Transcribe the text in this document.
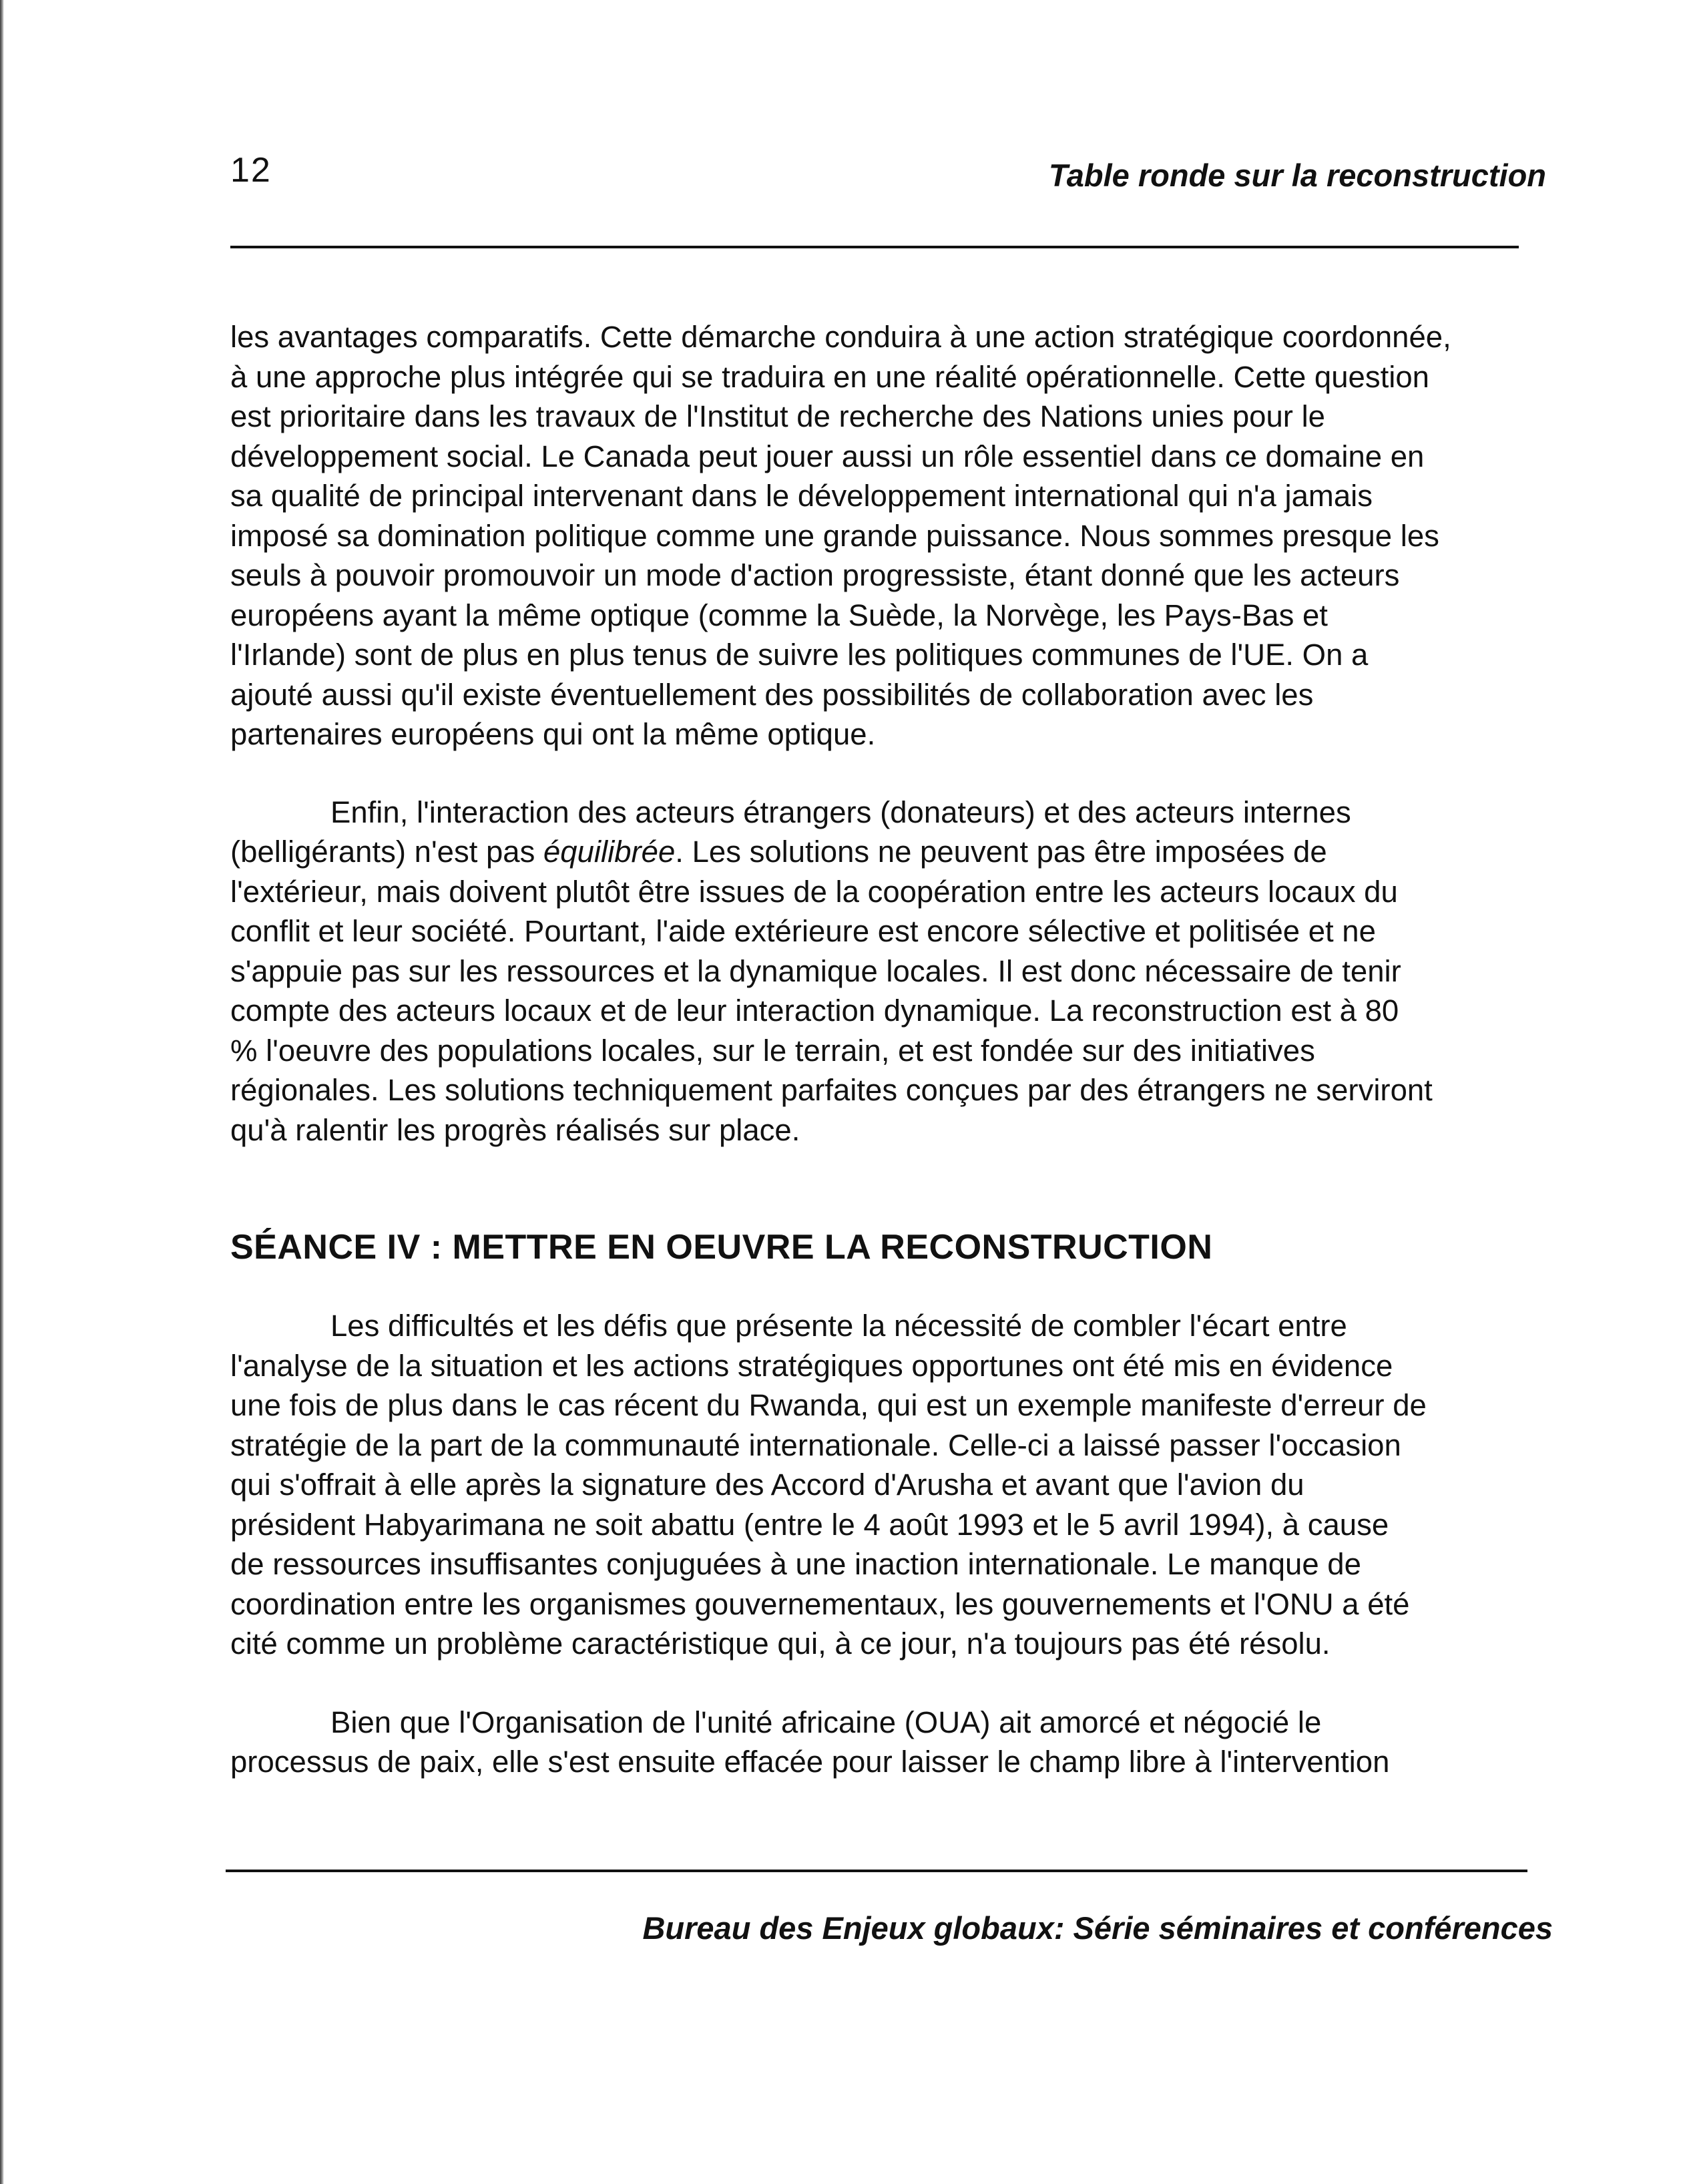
12	Table ronde sur la reconstruction

les avantages comparatifs. Cette démarche conduira à une action stratégique coordonnée,
à une approche plus intégrée qui se traduira en une réalité opérationnelle. Cette question
est prioritaire dans les travaux de l'Institut de recherche des Nations unies pour le
développement social. Le Canada peut jouer aussi un rôle essentiel dans ce domaine en
sa qualité de principal intervenant dans le développement international qui n'a jamais
imposé sa domination politique comme une grande puissance. Nous sommes presque les
seuls à pouvoir promouvoir un mode d'action progressiste, étant donné que les acteurs
européens ayant la même optique (comme la Suède, la Norvège, les Pays-Bas et
l'Irlande) sont de plus en plus tenus de suivre les politiques communes de l'UE. On a
ajouté aussi qu'il existe éventuellement des possibilités de collaboration avec les
partenaires européens qui ont la même optique.

Enfin, l'interaction des acteurs étrangers (donateurs) et des acteurs internes
(belligérants) n'est pas équilibrée. Les solutions ne peuvent pas être imposées de
l'extérieur, mais doivent plutôt être issues de la coopération entre les acteurs locaux du
conflit et leur société. Pourtant, l'aide extérieure est encore sélective et politisée et ne
s'appuie pas sur les ressources et la dynamique locales. Il est donc nécessaire de tenir
compte des acteurs locaux et de leur interaction dynamique. La reconstruction est à 80
% l'oeuvre des populations locales, sur le terrain, et est fondée sur des initiatives
régionales. Les solutions techniquement parfaites conçues par des étrangers ne serviront
qu'à ralentir les progrès réalisés sur place.

SÉANCE IV : METTRE EN OEUVRE LA RECONSTRUCTION

Les difficultés et les défis que présente la nécessité de combler l'écart entre
l'analyse de la situation et les actions stratégiques opportunes ont été mis en évidence
une fois de plus dans le cas récent du Rwanda, qui est un exemple manifeste d'erreur de
stratégie de la part de la communauté internationale. Celle-ci a laissé passer l'occasion
qui s'offrait à elle après la signature des Accord d'Arusha et avant que l'avion du
président Habyarimana ne soit abattu (entre le 4 août 1993 et le 5 avril 1994), à cause
de ressources insuffisantes conjuguées à une inaction internationale. Le manque de
coordination entre les organismes gouvernementaux, les gouvernements et l'ONU a été
cité comme un problème caractéristique qui, à ce jour, n'a toujours pas été résolu.

Bien que l'Organisation de l'unité africaine (OUA) ait amorcé et négocié le
processus de paix, elle s'est ensuite effacée pour laisser le champ libre à l'intervention

Bureau des Enjeux globaux: Série séminaires et conférences
